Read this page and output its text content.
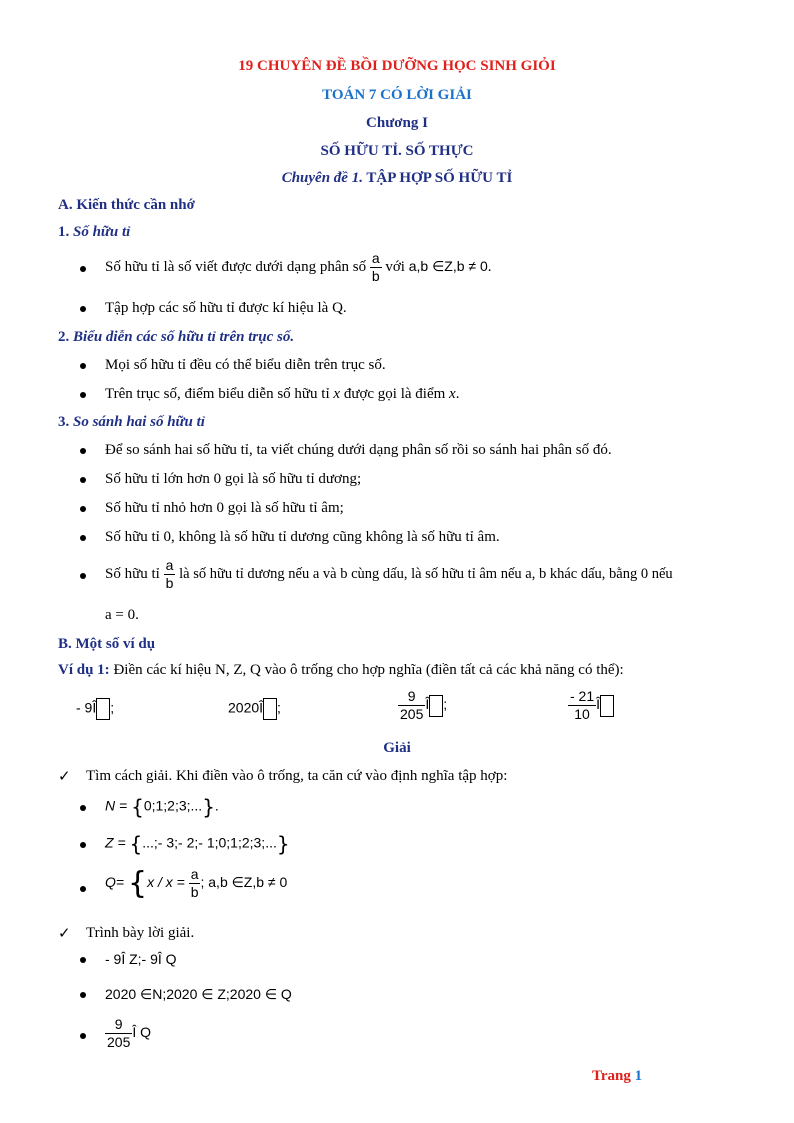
19 CHUYÊN ĐỀ BỒI DƯỠNG HỌC SINH GIỎI
TOÁN 7 CÓ LỜI GIẢI
Chương I
SỐ HỮU TỈ. SỐ THỰC
Chuyên đề 1. TẬP HỢP SỐ HỮU TỈ
A. Kiến thức cần nhớ
1. Số hữu tỉ
Số hữu tỉ là số viết được dưới dạng phân số $\frac{a}{b}$ với a,b ∈Z,b ≠ 0.
Tập hợp các số hữu tỉ được kí hiệu là Q.
2. Biểu diễn các số hữu tỉ trên trục số.
Mọi số hữu tỉ đều có thể biểu diễn trên trục số.
Trên trục số, điểm biểu diễn số hữu tỉ x được gọi là điểm x.
3. So sánh hai số hữu tỉ
Để so sánh hai số hữu tỉ, ta viết chúng dưới dạng phân số rồi so sánh hai phân số đó.
Số hữu tỉ lớn hơn 0 gọi là số hữu tỉ dương;
Số hữu tỉ nhỏ hơn 0 gọi là số hữu tỉ âm;
Số hữu tỉ 0, không là số hữu tỉ dương cũng không là số hữu tỉ âm.
Số hữu tỉ $\frac{a}{b}$ là số hữu tỉ dương nếu a và b cùng dấu, là số hữu tỉ âm nếu a, b khác dấu, bằng 0 nếu
a = 0.
B. Một số ví dụ
Ví dụ 1: Điền các kí hiệu N, Z, Q vào ô trống cho hợp nghĩa (điền tất cả các khả năng có thể):
- 9Î ;	2020Î ;	$\frac{9}{205}$ Î ;	$\frac{- 21}{10}$ Î
Giải
✓ Tìm cách giải. Khi điền vào ô trống, ta căn cứ vào định nghĩa tập hợp:
N = {0;1;2;3;...}.
Z = {...;- 3;- 2;- 1;0;1;2;3;...}
$Q= \{x / x = \frac{a}{b}$ ; a,b ∈Z,b ≠ 0
✓ Trình bày lời giải.
- 9Î Z;- 9Î Q
2020 ∈N;2020 ∈ Z;2020 ∈ Q
$\frac{9}{205}$ Î Q
Trang 1
